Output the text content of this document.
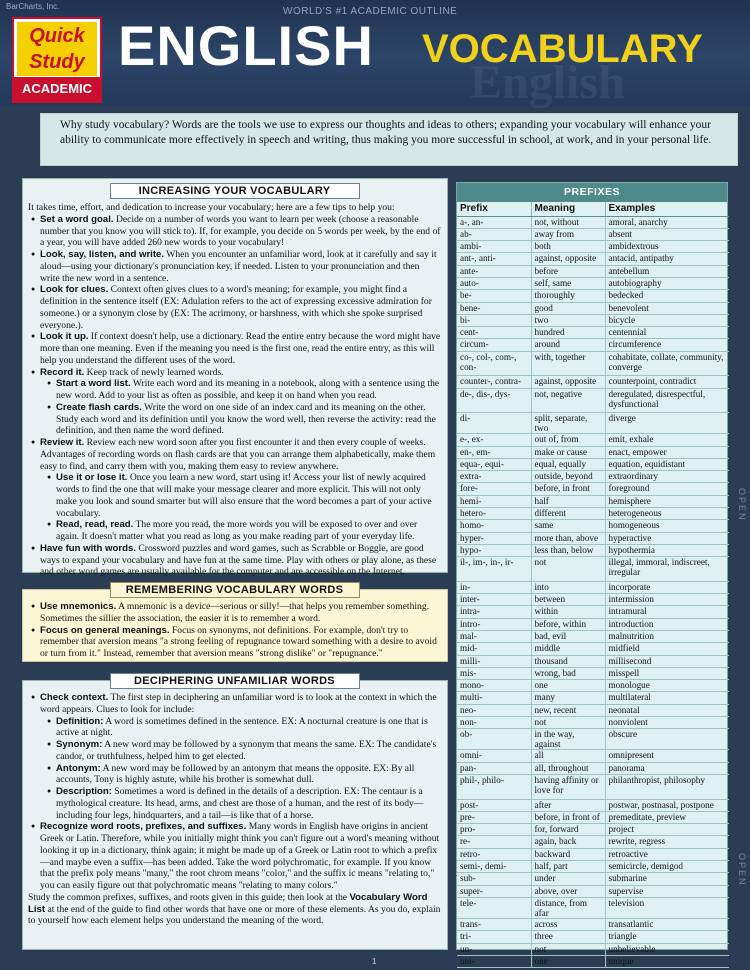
English
BarCharts, Inc.	WORLD'S #1 ACADEMIC OUTLINE
Quick
Study
ACADEMIC
ENGLISH VOCABULARY
Why study vocabulary? Words are the tools we use to express our thoughts and ideas to others; expanding your vocabulary will enhance your ability to communicate more effectively in speech and writing, thus making you more successful in school, at work, and in your personal life.
INCREASING YOUR VOCABULARY

It takes time, effort, and dedication to increase your vocabulary; here are a few tips to help you:

● Set a word goal. Decide on a number of words you want to learn per week (choose a reasonable number that you know you will stick to). If, for example, you decide on 5 words per week, by the end of a year, you will have added 260 new words to your vocabulary!

● Look, say, listen, and write. When you encounter an unfamiliar word, look at it carefully and say it aloud—using your dictionary's pronunciation key, if needed. Listen to your pronunciation and then write the new word in a sentence.

● Look for clues. Context often gives clues to a word's meaning; for example, you might find a definition in the sentence itself (EX: Adulation refers to the act of expressing excessive admiration for someone.) or a synonym close by (EX: The acrimony, or harshness, with which she spoke surprised everyone.).

● Look it up. If context doesn't help, use a dictionary. Read the entire entry because the word might have more than one meaning. Even if the meaning you need is the first one, read the entire entry, as this will help you understand the different uses of the word.

● Record it. Keep track of newly learned words.

● Start a word list. Write each word and its meaning in a notebook, along with a sentence using the new word. Add to your list as often as possible, and keep it on hand when you read.

● Create flash cards. Write the word on one side of an index card and its meaning on the other. Study each word and its definition until you know the word well, then reverse the activity: read the definition, and then name the word defined.

● Review it. Review each new word soon after you first encounter it and then every couple of weeks. Advantages of recording words on flash cards are that you can arrange them alphabetically, make them easy to find, and carry them with you, making them easy to review anywhere.

● Use it or lose it. Once you learn a new word, start using it! Access your list of newly acquired words to find the one that will make your message clearer and more explicit. This will not only make you look and sound smarter but will also ensure that the word becomes a part of your active vocabulary.

● Read, read, read. The more you read, the more words you will be exposed to over and over again. It doesn't matter what you read as long as you make reading part of your everyday life.

● Have fun with words. Crossword puzzles and word games, such as Scrabble or Boggle, are good ways to expand your vocabulary and have fun at the same time. Play with others or play alone, as these and other word games are usually available for the computer and are accessible on the Internet.

REMEMBERING VOCABULARY WORDS

● Use mnemonics. A mnemonic is a device—serious or silly!—that helps you remember something. Sometimes the sillier the association, the easier it is to remember a word.

● Focus on general meanings. Focus on synonyms, not definitions. For example, don't try to remember that aversion means "a strong feeling of repugnance toward something with a desire to avoid or turn from it." Instead, remember that aversion means "strong dislike" or "repugnance."

DECIPHERING UNFAMILIAR WORDS

● Check context. The first step in deciphering an unfamiliar word is to look at the context in which the word appears. Clues to look for include:

● Definition: A word is sometimes defined in the sentence. EX: A nocturnal creature is one that is active at night.

● Synonym: A new word may be followed by a synonym that means the same. EX: The candidate's candor, or truthfulness, helped him to get elected.

● Antonym: A new word may be followed by an antonym that means the opposite. EX: By all accounts, Tony is highly astute, while his brother is somewhat dull.

● Description: Sometimes a word is defined in the details of a description. EX: The centaur is a mythological creature. Its head, arms, and chest are those of a human, and the rest of its body—including four legs, hindquarters, and a tail—is like that of a horse.

● Recognize word roots, prefixes, and suffixes. Many words in English have origins in ancient Greek or Latin. Therefore, while you initially might think you can't figure out a word's meaning without looking it up in a dictionary, think again; it might be made up of a Greek or Latin root to which a prefix—and maybe even a suffix—has been added. Take the word polychromatic, for example. If you know that the prefix poly means "many," the root chrom means "color," and the suffix ic means "relating to," you can easily figure out that polychromatic means "relating to many colors."

Study the common prefixes, suffixes, and roots given in this guide; then look at the Vocabulary Word List at the end of the guide to find other words that have one or more of these elements. As you do, explain to yourself how each element helps you understand the meaning of the word.

PREFIXES
Prefix	Meaning	Examples
a-, an-	not, without	amoral, anarchy
ab-	away from	absent
ambi-	both	ambidextrous
ant-, anti-	against, opposite	antacid, antipathy
ante-	before	antebellum
auto-	self, same	autobiography
be-	thoroughly	bedecked
bene-	good	benevolent
bi-	two	bicycle
cent-	hundred	centennial
circum-	around	circumference
co-, col-, com-, con-	with, together	cohabitate, collate, community, converge
counter-, contra-	against, opposite	counterpoint, contradict
de-, dis-, dys-	not, negative	deregulated, disrespectful, dysfunctional
di-	split, separate, two	diverge
e-, ex-	out of, from	emit, exhale
en-, em-	make or cause	enact, empower
equa-, equi-	equal, equally	equation, equidistant
extra-	outside, beyond	extraordinary
fore-	before, in front	foreground
hemi-	half	hemisphere
hetero-	different	heterogeneous
homo-	same	homogeneous
hyper-	more than, above	hyperactive
hypo-	less than, below	hypothermia
il-, im-, in-, ir-	not	illegal, immoral, indiscreet, irregular
in-	into	incorporate
inter-	between	intermission
intra-	within	intramural
intro-	before, within	introduction
mal-	bad, evil	malnutrition
mid-	middle	midfield
milli-	thousand	millisecond
mis-	wrong, bad	misspell
mono-	one	monologue
multi-	many	multilateral
neo-	new, recent	neonatal
non-	not	nonviolent
ob-	in the way, against	obscure
omni-	all	omnipresent
pan-	all, throughout	panorama
phil-, philo-	having affinity or love for	philanthropist, philosophy
post-	after	postwar, postnasal, postpone
pre-	before, in front of	premeditate, preview
pro-	for, forward	project
re-	again, back	rewrite, regress
retro-	backward	retroactive
semi-, demi-	half, part	semicircle, demigod
sub-	under	submarine
super-	above, over	supervise
tele-	distance, from afar	television
trans-	across	transatlantic
tri-	three	triangle
un-	not	unbelievable
uni-	one	unique
OPEN
OPEN
1
